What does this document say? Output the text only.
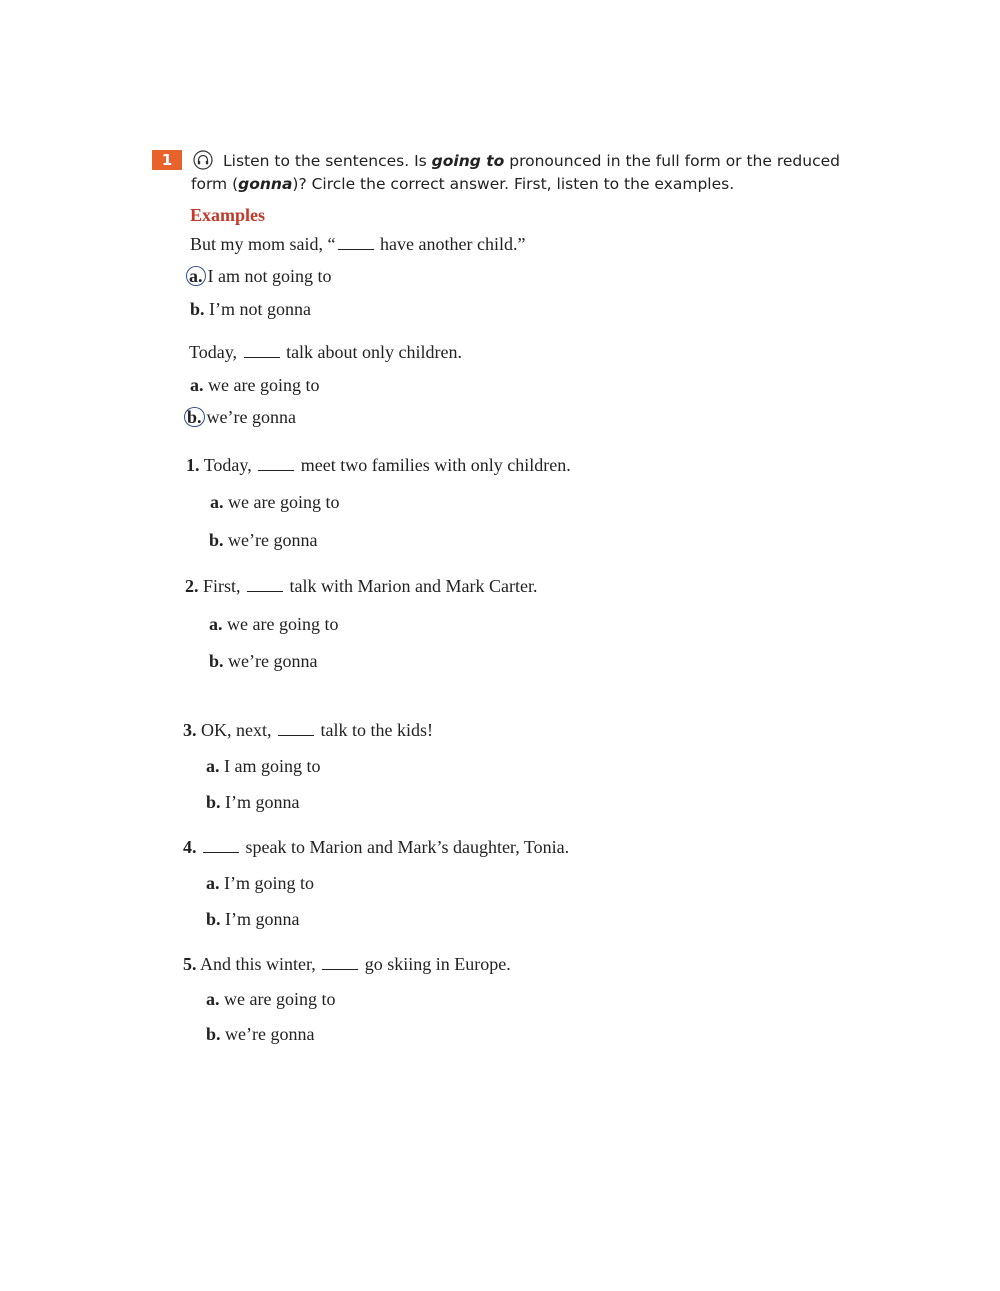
1	Listen to the sentences. Is going to pronounced in the full form or the reduced
form (gonna)? Circle the correct answer. First, listen to the examples.
Examples
But my mom said, “ have another child.”
a. I am not going to
b. I’m not gonna
Today,  talk about only children.
a. we are going to
b. we’re gonna
1. Today,  meet two families with only children.
a. we are going to
b. we’re gonna
2. First,  talk with Marion and Mark Carter.
a. we are going to
b. we’re gonna
3. OK, next,  talk to the kids!
a. I am going to
b. I’m gonna
4.  speak to Marion and Mark’s daughter, Tonia.
a. I’m going to
b. I’m gonna
5. And this winter,  go skiing in Europe.
a. we are going to
b. we’re gonna
